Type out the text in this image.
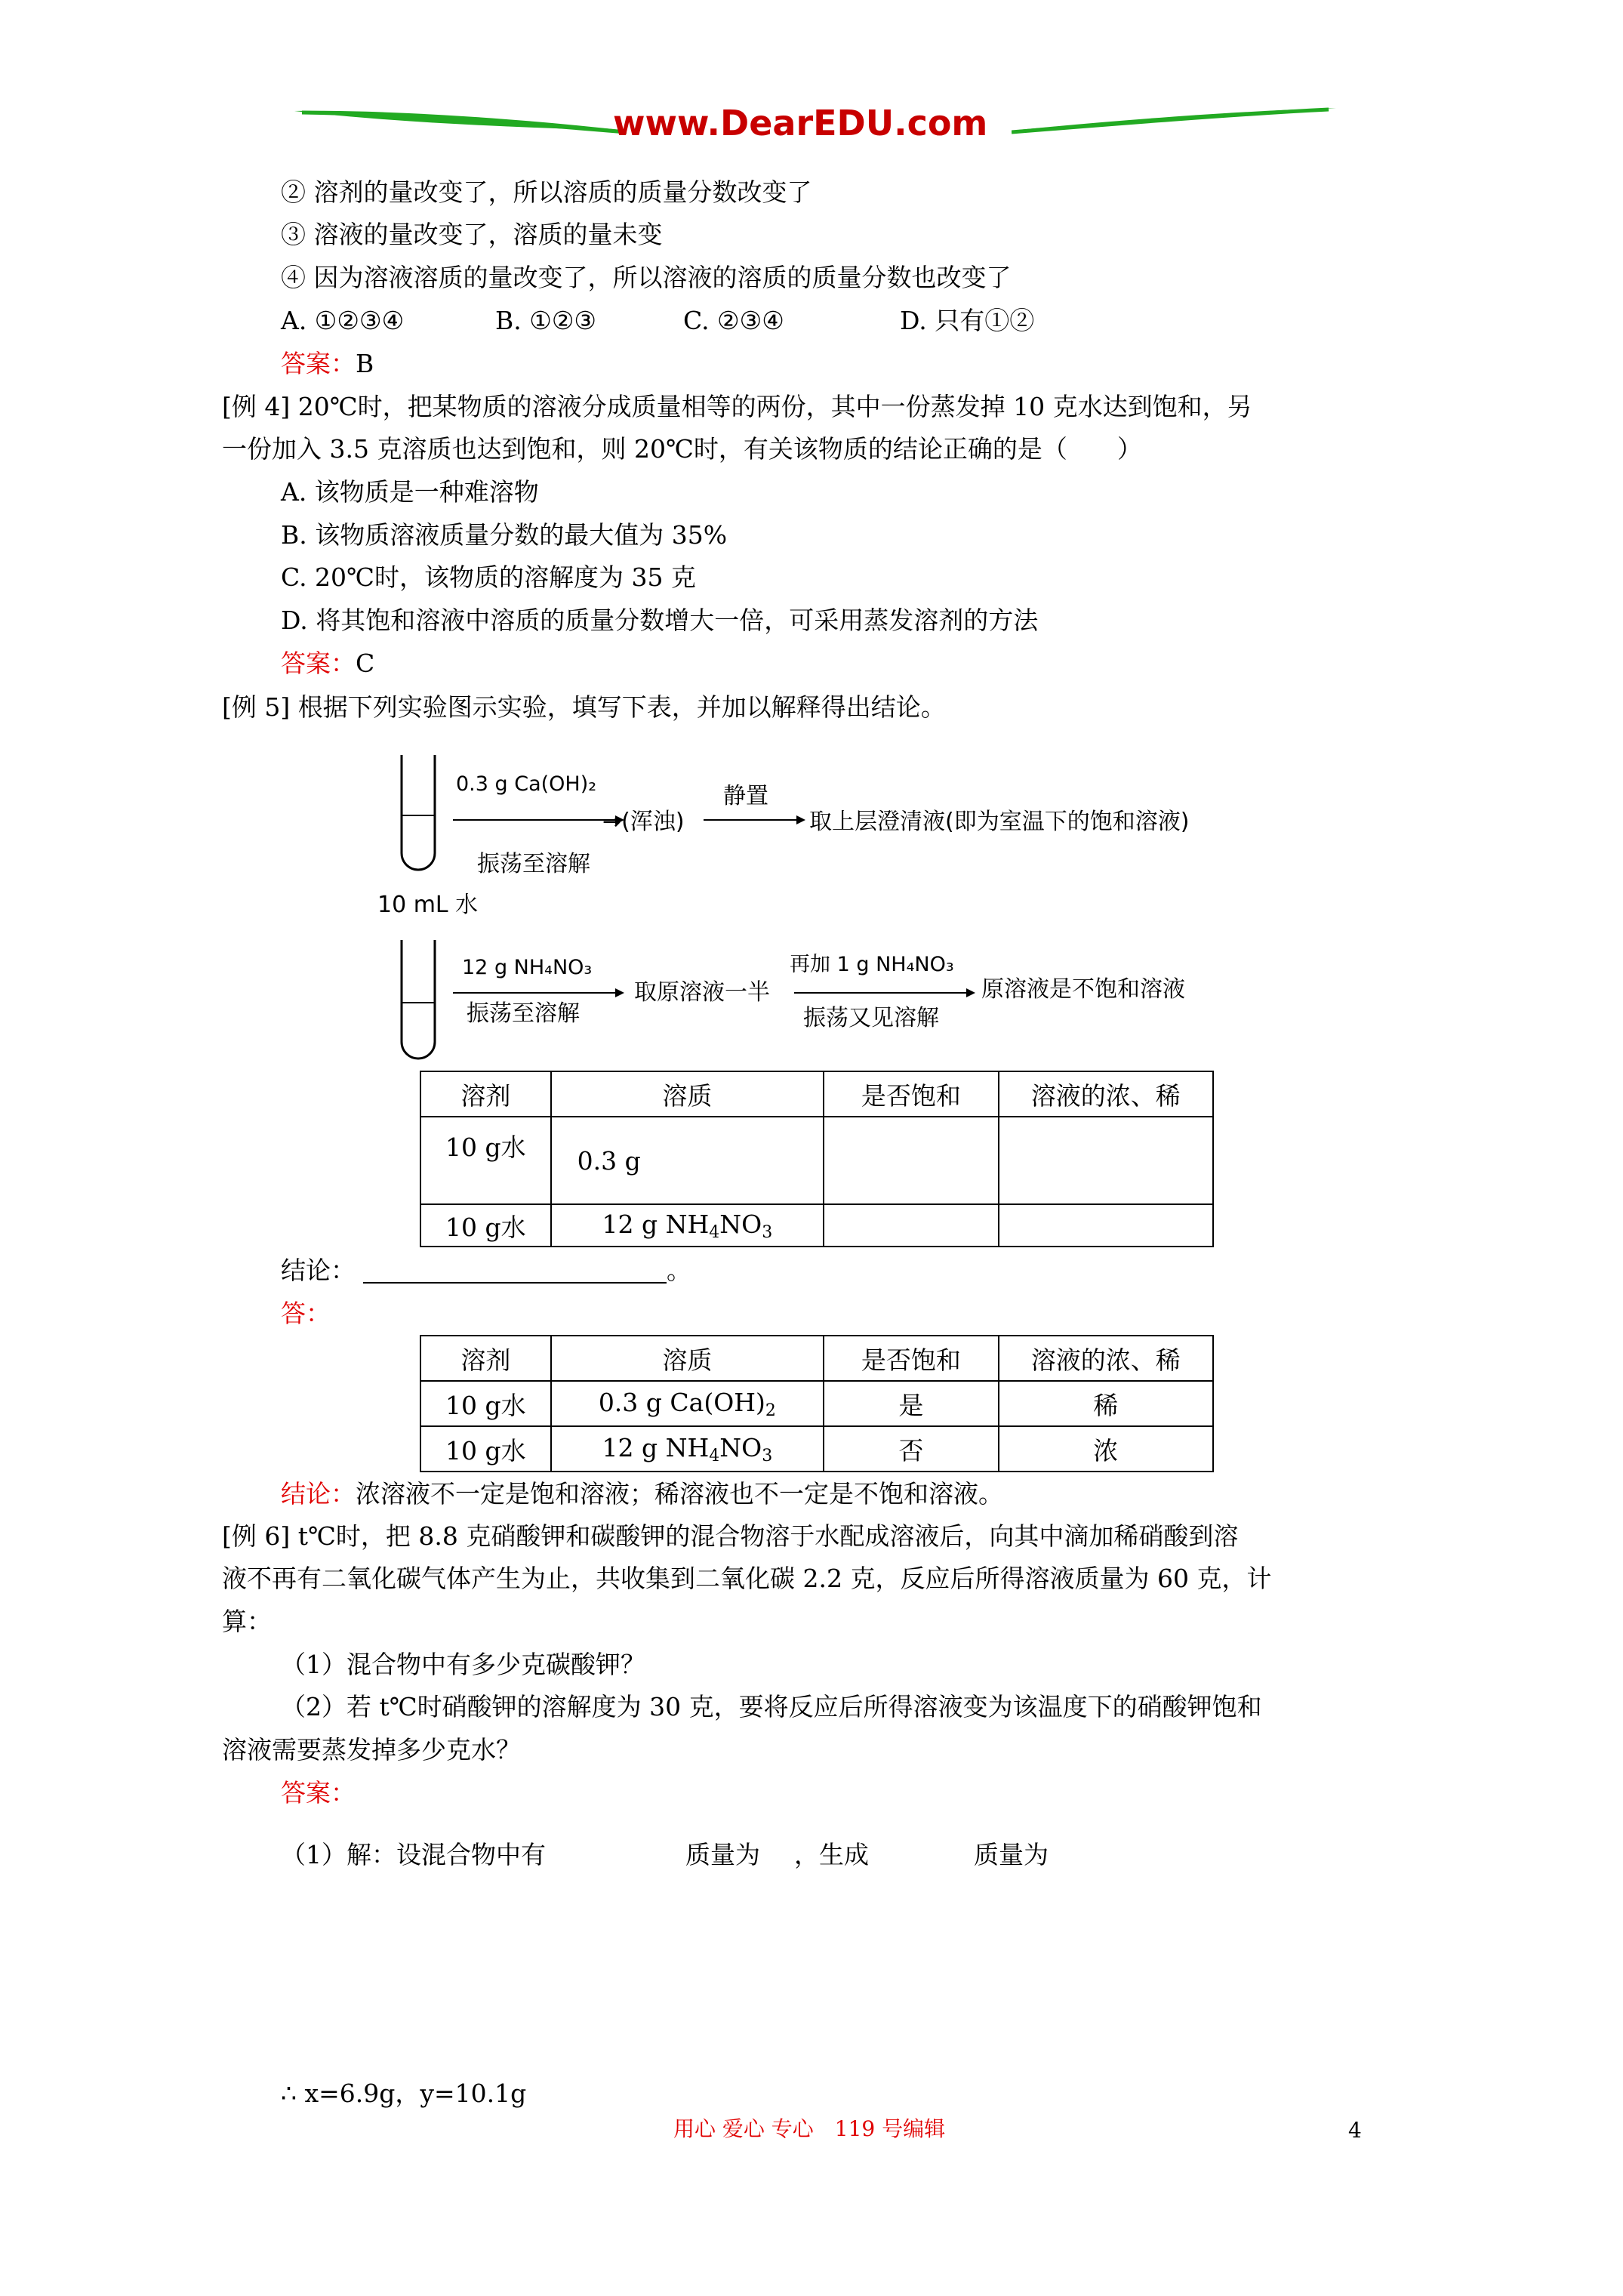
www.DearEDU.com
② 溶剂的量改变了，所以溶质的质量分数改变了
③ 溶液的量改变了，溶质的量未变
④ 因为溶液溶质的量改变了，所以溶液的溶质的质量分数也改变了
A. ①②③④	B. ①②③	C. ②③④	D. 只有①②
答案：B
[例 4] 20℃时，把某物质的溶液分成质量相等的两份，其中一份蒸发掉 10 克水达到饱和，另
一份加入 3.5 克溶质也达到饱和，则 20℃时，有关该物质的结论正确的是（　　）
A. 该物质是一种难溶物
B. 该物质溶液质量分数的最大值为 35%
C. 20℃时，该物质的溶解度为 35 克
D. 将其饱和溶液中溶质的质量分数增大一倍，可采用蒸发溶剂的方法
答案：C
[例 5] 根据下列实验图示实验，填写下表，并加以解释得出结论。
0.3 g Ca(OH)₂
振荡至溶解
→(浑浊)
静置
取上层澄清液(即为室温下的饱和溶液)
10 mL 水
12 g NH₄NO₃
振荡至溶解
取原溶液一半
再加 1 g NH₄NO₃
振荡又见溶解
原溶液是不饱和溶液
溶剂	溶质	是否饱和	溶液的浓、稀
10 g水	0.3 g		
10 g水	12 g $NH_4NO_3$		
结论：	。
答：
溶剂	溶质	是否饱和	溶液的浓、稀
10 g水	0.3 g $Ca(OH)_2$	是	稀
10 g水	12 g $NH_4NO_3$	否	浓
结论：浓溶液不一定是饱和溶液；稀溶液也不一定是不饱和溶液。
[例 6] t℃时，把 8.8 克硝酸钾和碳酸钾的混合物溶于水配成溶液后，向其中滴加稀硝酸到溶
液不再有二氧化碳气体产生为止，共收集到二氧化碳 2.2 克，反应后所得溶液质量为 60 克，计
算：
（1）混合物中有多少克碳酸钾？
（2）若 t℃时硝酸钾的溶解度为 30 克，要将反应后所得溶液变为该温度下的硝酸钾饱和
溶液需要蒸发掉多少克水？
答案：
（1）解：设混合物中有	质量为 ，生成	质量为
∴ x=6.9g，y=10.1g
用心 爱心 专心　119 号编辑	4
